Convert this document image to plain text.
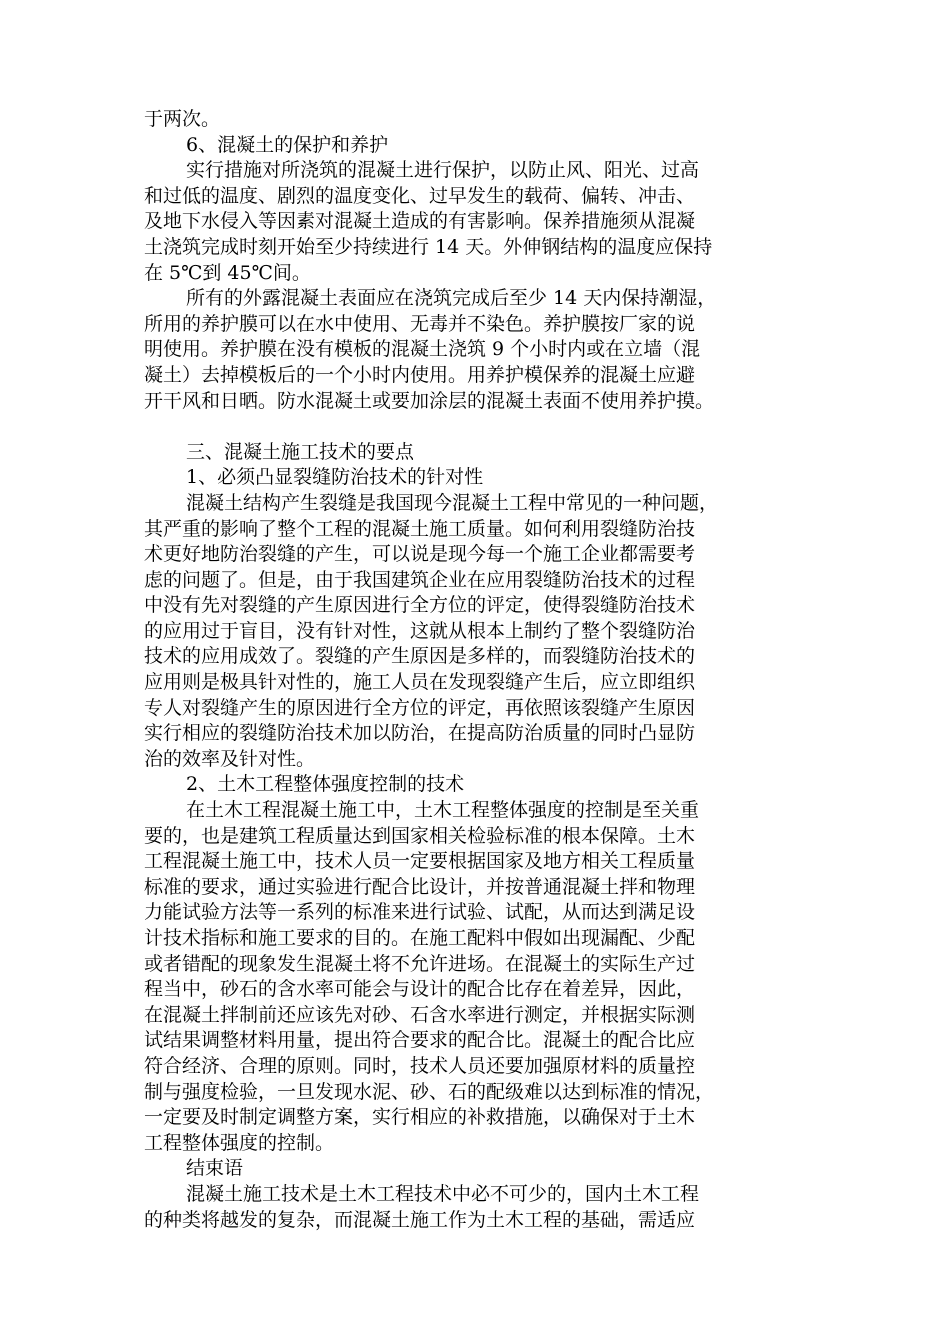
于两次。
6、混凝土的保护和养护
实行措施对所浇筑的混凝土进行保护，以防止风、阳光、过高
和过低的温度、剧烈的温度变化、过早发生的载荷、偏转、冲击、
及地下水侵入等因素对混凝土造成的有害影响。保养措施须从混凝
土浇筑完成时刻开始至少持续进行 14 天。外伸钢结构的温度应保持
在 5℃到 45℃间。
所有的外露混凝土表面应在浇筑完成后至少 14 天内保持潮湿，
所用的养护膜可以在水中使用、无毒并不染色。养护膜按厂家的说
明使用。养护膜在没有模板的混凝土浇筑 9 个小时内或在立墙（混
凝土）去掉模板后的一个小时内使用。用养护模保养的混凝土应避
开干风和日晒。防水混凝土或要加涂层的混凝土表面不使用养护摸。
三、混凝土施工技术的要点
1、必须凸显裂缝防治技术的针对性
混凝土结构产生裂缝是我国现今混凝土工程中常见的一种问题，
其严重的影响了整个工程的混凝土施工质量。如何利用裂缝防治技
术更好地防治裂缝的产生，可以说是现今每一个施工企业都需要考
虑的问题了。但是，由于我国建筑企业在应用裂缝防治技术的过程
中没有先对裂缝的产生原因进行全方位的评定，使得裂缝防治技术
的应用过于盲目，没有针对性，这就从根本上制约了整个裂缝防治
技术的应用成效了。裂缝的产生原因是多样的，而裂缝防治技术的
应用则是极具针对性的，施工人员在发现裂缝产生后，应立即组织
专人对裂缝产生的原因进行全方位的评定，再依照该裂缝产生原因
实行相应的裂缝防治技术加以防治，在提高防治质量的同时凸显防
治的效率及针对性。
2、土木工程整体强度控制的技术
在土木工程混凝土施工中，土木工程整体强度的控制是至关重
要的，也是建筑工程质量达到国家相关检验标准的根本保障。土木
工程混凝土施工中，技术人员一定要根据国家及地方相关工程质量
标准的要求，通过实验进行配合比设计，并按普通混凝土拌和物理
力能试验方法等一系列的标准来进行试验、试配，从而达到满足设
计技术指标和施工要求的目的。在施工配料中假如出现漏配、少配
或者错配的现象发生混凝土将不允许进场。在混凝土的实际生产过
程当中，砂石的含水率可能会与设计的配合比存在着差异，因此，
在混凝土拌制前还应该先对砂、石含水率进行测定，并根据实际测
试结果调整材料用量，提出符合要求的配合比。混凝土的配合比应
符合经济、合理的原则。同时，技术人员还要加强原材料的质量控
制与强度检验，一旦发现水泥、砂、石的配级难以达到标准的情况，
一定要及时制定调整方案，实行相应的补救措施，以确保对于土木
工程整体强度的控制。
结束语
混凝土施工技术是土木工程技术中必不可少的，国内土木工程
的种类将越发的复杂，而混凝土施工作为土木工程的基础，需适应
